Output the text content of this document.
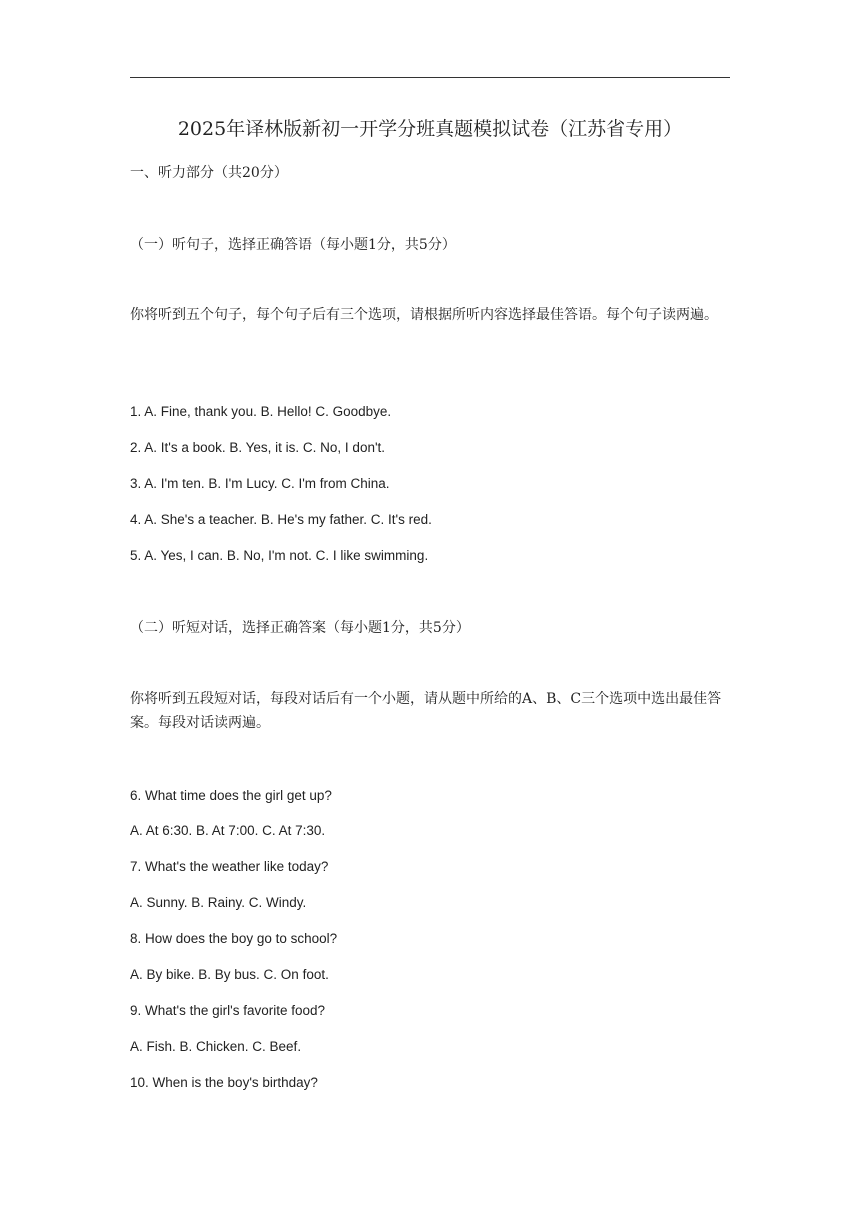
2025年译林版新初一开学分班真题模拟试卷（江苏省专用）
一、听力部分（共20分）
（一）听句子，选择正确答语（每小题1分，共5分）
你将听到五个句子，每个句子后有三个选项，请根据所听内容选择最佳答语。每个句子读两遍。
1. A. Fine, thank you. B. Hello! C. Goodbye.
2. A. It's a book. B. Yes, it is. C. No, I don't.
3. A. I'm ten. B. I'm Lucy. C. I'm from China.
4. A. She's a teacher. B. He's my father. C. It's red.
5. A. Yes, I can. B. No, I'm not. C. I like swimming.
（二）听短对话，选择正确答案（每小题1分，共5分）
你将听到五段短对话，每段对话后有一个小题，请从题中所给的A、B、C三个选项中选出最佳答案。每段对话读两遍。
6. What time does the girl get up?
A. At 6:30. B. At 7:00. C. At 7:30.
7. What's the weather like today?
A. Sunny. B. Rainy. C. Windy.
8. How does the boy go to school?
A. By bike. B. By bus. C. On foot.
9. What's the girl's favorite food?
A. Fish. B. Chicken. C. Beef.
10. When is the boy's birthday?
